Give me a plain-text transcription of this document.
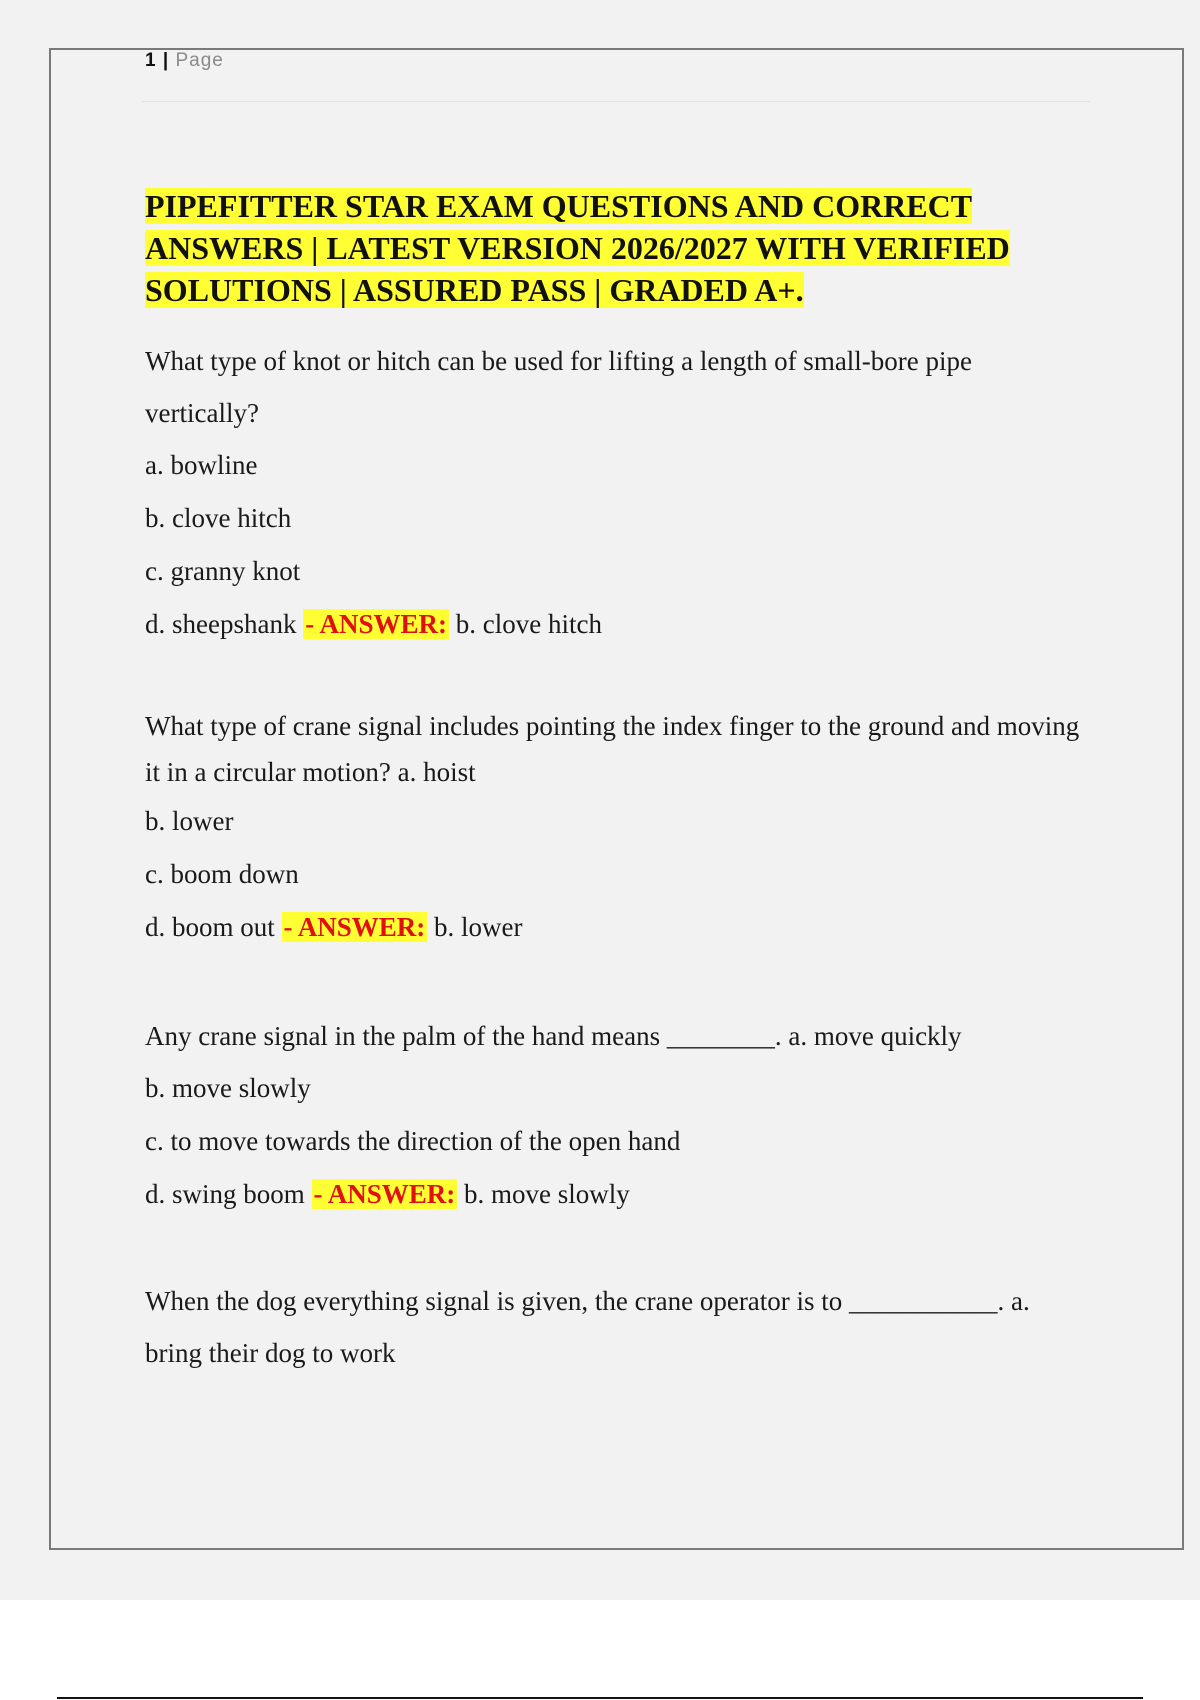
1 | Page
PIPEFITTER STAR EXAM QUESTIONS AND CORRECT ANSWERS | LATEST VERSION 2026/2027 WITH VERIFIED SOLUTIONS | ASSURED PASS | GRADED A+.

What type of knot or hitch can be used for lifting a length of small-bore pipe vertically?

a. bowline

b. clove hitch

c. granny knot

d. sheepshank - ANSWER: b. clove hitch

What type of crane signal includes pointing the index finger to the ground and moving it in a circular motion? a. hoist

b. lower

c. boom down

d. boom out - ANSWER: b. lower

Any crane signal in the palm of the hand means ________. a. move quickly

b. move slowly

c. to move towards the direction of the open hand

d. swing boom - ANSWER: b. move slowly

When the dog everything signal is given, the crane operator is to ___________. a. bring their dog to work
